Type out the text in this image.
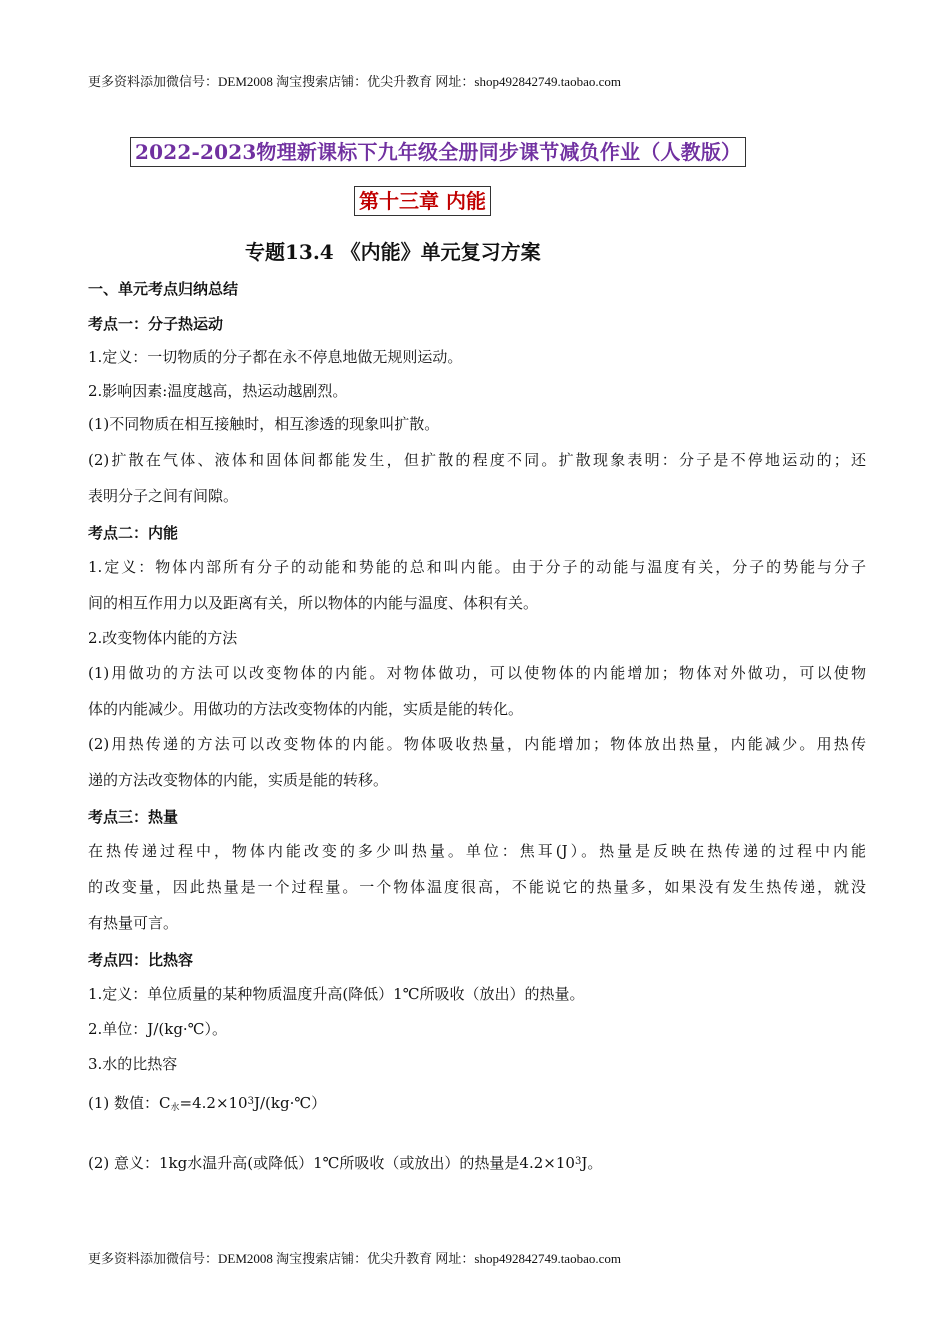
更多资料添加微信号：DEM2008 淘宝搜索店铺：优尖升教育 网址：shop492842749.taobao.com
2022-2023物理新课标下九年级全册同步课节减负作业（人教版）
第十三章 内能
专题13.4 《内能》单元复习方案
一、单元考点归纳总结
考点一：分子热运动
1.定义：一切物质的分子都在永不停息地做无规则运动。
2.影响因素:温度越高，热运动越剧烈。
(1)不同物质在相互接触时，相互渗透的现象叫扩散。
(2)扩散在气体、液体和固体间都能发生，但扩散的程度不同。扩散现象表明：分子是不停地运动的；还
表明分子之间有间隙。
考点二：内能
1.定义：物体内部所有分子的动能和势能的总和叫内能。由于分子的动能与温度有关，分子的势能与分子
间的相互作用力以及距离有关，所以物体的内能与温度、体积有关。
2.改变物体内能的方法
(1)用做功的方法可以改变物体的内能。对物体做功，可以使物体的内能增加；物体对外做功，可以使物
体的内能减少。用做功的方法改变物体的内能，实质是能的转化。
(2)用热传递的方法可以改变物体的内能。物体吸收热量，内能增加；物体放出热量，内能减少。用热传
递的方法改变物体的内能，实质是能的转移。
考点三：热量
在热传递过程中，物体内能改变的多少叫热量。单位：焦耳(J）。热量是反映在热传递的过程中内能
的改变量，因此热量是一个过程量。一个物体温度很高，不能说它的热量多，如果没有发生热传递，就没
有热量可言。
考点四：比热容
1.定义：单位质量的某种物质温度升高(降低）1℃所吸收（放出）的热量。
2.单位：J/(kg·℃）。
3.水的比热容
(1) 数值：$C_水=4.2\times 10^3J/(kg\cdot℃)$
(2) 意义：1kg水温升高(或降低）1℃所吸收（或放出）的热量是$4.2\times 10^3J$。
更多资料添加微信号：DEM2008 淘宝搜索店铺：优尖升教育 网址：shop492842749.taobao.com
